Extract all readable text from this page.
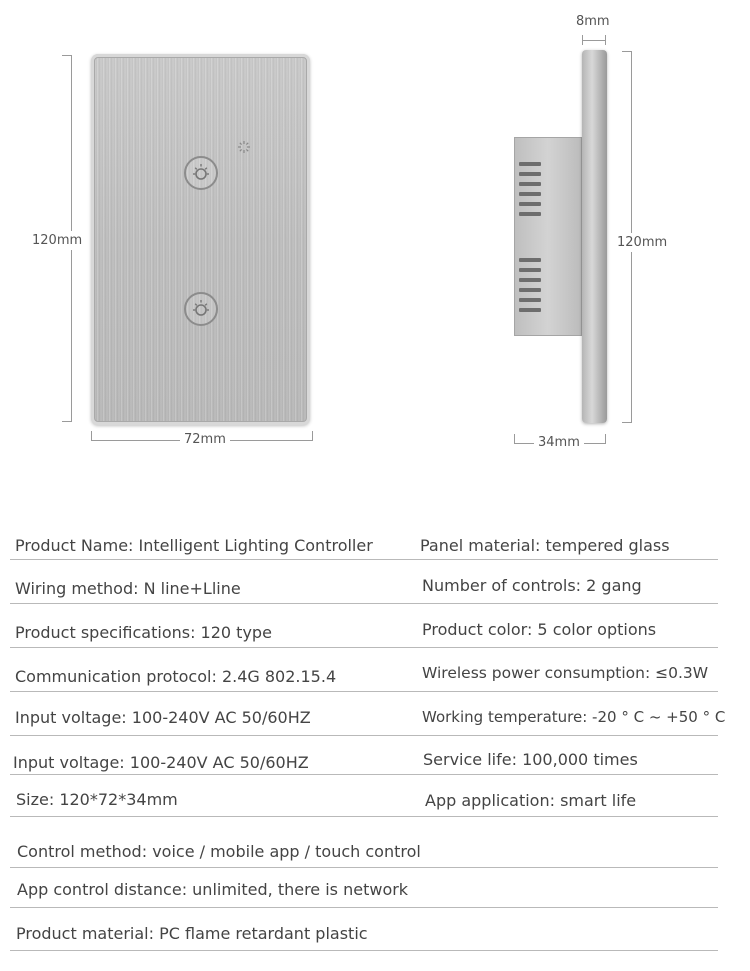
120mm
72mm
8mm
120mm
34mm
Product Name: Intelligent Lighting Controller	Panel material: tempered glass
Wiring method: N line+Lline	Number of controls: 2 gang
Product specifications: 120 type	Product color: 5 color options
Communication protocol: 2.4G 802.15.4	Wireless power consumption: ≤0.3W
Input voltage: 100-240V AC 50/60HZ	Working temperature: -20 ° C ~ +50 ° C
Input voltage: 100-240V AC 50/60HZ	Service life: 100,000 times
Size: 120*72*34mm	App application: smart life
Control method: voice / mobile app / touch control
App control distance: unlimited, there is network
Product material: PC flame retardant plastic
